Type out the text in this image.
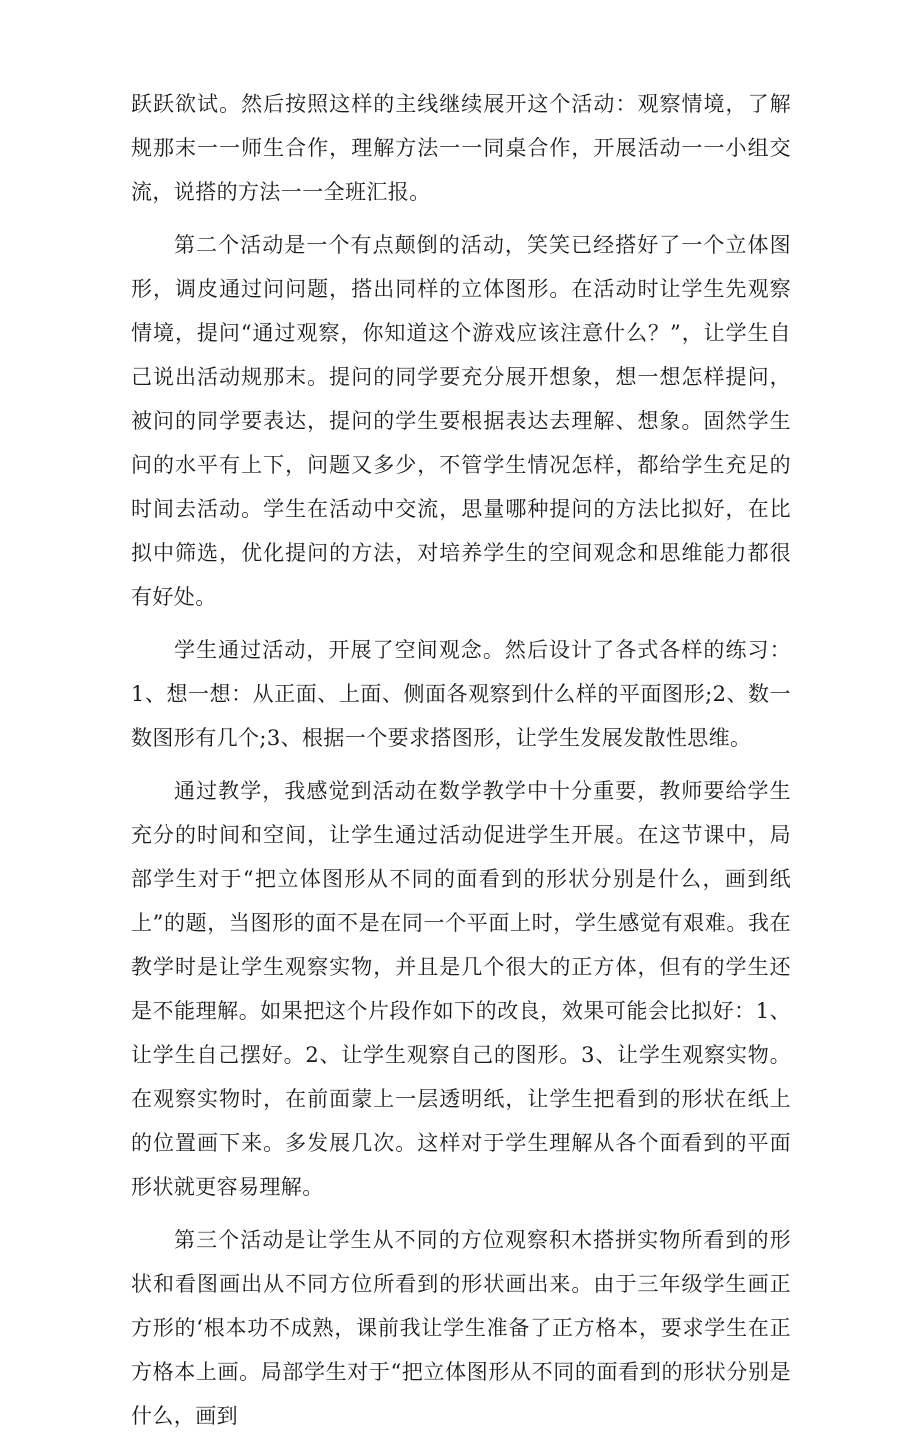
跃跃欲试。然后按照这样的主线继续展开这个活动：观察情境，了解规那末一一师生合作，理解方法一一同桌合作，开展活动一一小组交流，说搭的方法一一全班汇报。

第二个活动是一个有点颠倒的活动，笑笑已经搭好了一个立体图形，调皮通过问问题，搭出同样的立体图形。在活动时让学生先观察情境，提问“通过观察，你知道这个游戏应该注意什么？”，让学生自己说出活动规那末。提问的同学要充分展开想象，想一想怎样提问，被问的同学要表达，提问的学生要根据表达去理解、想象。固然学生问的水平有上下，问题又多少，不管学生情况怎样，都给学生充足的时间去活动。学生在活动中交流，思量哪种提问的方法比拟好，在比拟中筛选，优化提问的方法，对培养学生的空间观念和思维能力都很有好处。

学生通过活动，开展了空间观念。然后设计了各式各样的练习：1、想一想：从正面、上面、侧面各观察到什么样的平面图形;2、数一数图形有几个;3、根据一个要求搭图形，让学生发展发散性思维。

通过教学，我感觉到活动在数学教学中十分重要，教师要给学生充分的时间和空间，让学生通过活动促进学生开展。在这节课中，局部学生对于“把立体图形从不同的面看到的形状分别是什么，画到纸上”的题，当图形的面不是在同一个平面上时，学生感觉有艰难。我在教学时是让学生观察实物，并且是几个很大的正方体，但有的学生还是不能理解。如果把这个片段作如下的改良，效果可能会比拟好：1、让学生自己摆好。2、让学生观察自己的图形。3、让学生观察实物。在观察实物时，在前面蒙上一层透明纸，让学生把看到的形状在纸上的位置画下来。多发展几次。这样对于学生理解从各个面看到的平面形状就更容易理解。

第三个活动是让学生从不同的方位观察积木搭拼实物所看到的形状和看图画出从不同方位所看到的形状画出来。由于三年级学生画正方形的‘根本功不成熟，课前我让学生准备了正方格本，要求学生在正方格本上画。局部学生对于“把立体图形从不同的面看到的形状分别是什么，画到
